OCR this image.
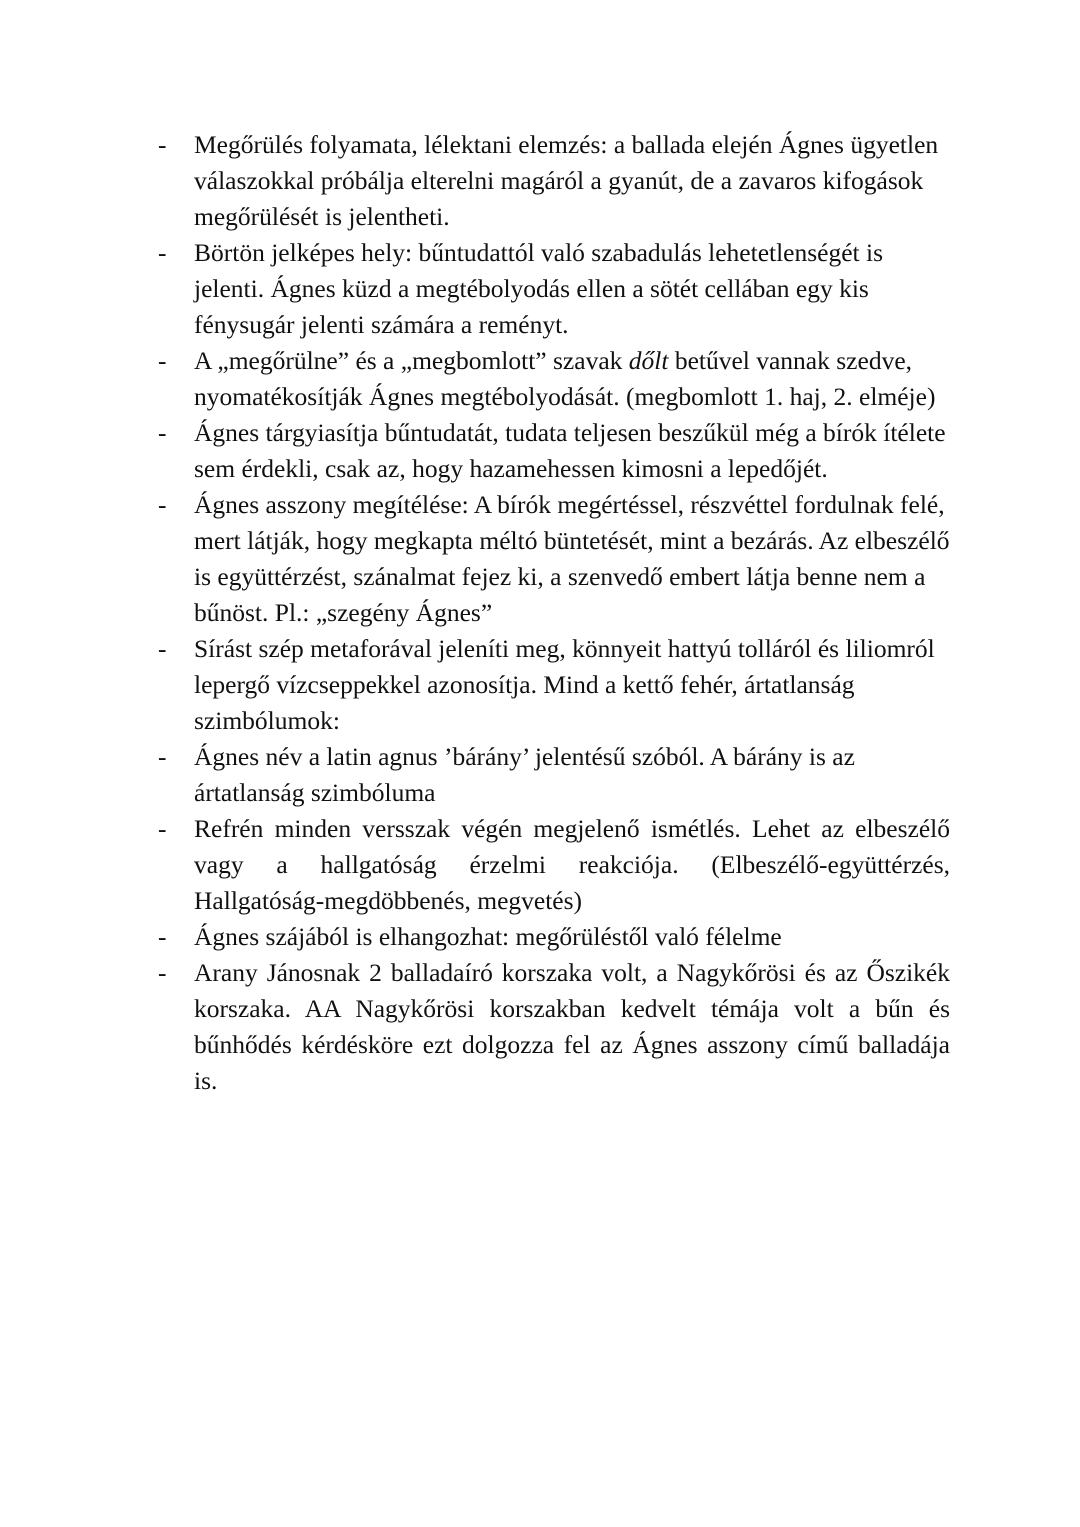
-	Megőrülés folyamata, lélektani elemzés: a ballada elején Ágnes ügyetlen válaszokkal próbálja elterelni magáról a gyanút, de a zavaros kifogások megőrülését is jelentheti.
-	Börtön jelképes hely: bűntudattól való szabadulás lehetetlenségét is jelenti. Ágnes küzd a megtébolyodás ellen a sötét cellában egy kis fénysugár jelenti számára a reményt.
-	A „megőrülne” és a „megbomlott” szavak dőlt betűvel vannak szedve, nyomatékosítják Ágnes megtébolyodását. (megbomlott 1. haj, 2. elméje)
-	Ágnes tárgyiasítja bűntudatát, tudata teljesen beszűkül még a bírók ítélete sem érdekli, csak az, hogy hazamehessen kimosni a lepedőjét.
-	Ágnes asszony megítélése: A bírók megértéssel, részvéttel fordulnak felé, mert látják, hogy megkapta méltó büntetését, mint a bezárás. Az elbeszélő is együttérzést, szánalmat fejez ki, a szenvedő embert látja benne nem a bűnöst. Pl.: „szegény Ágnes”
-	Sírást szép metaforával jeleníti meg, könnyeit hattyú tolláról és liliomról lepergő vízcseppekkel azonosítja. Mind a kettő fehér, ártatlanság szimbólumok:
-	Ágnes név a latin agnus ’bárány’ jelentésű szóból. A bárány is az ártatlanság szimbóluma
-	Refrén minden versszak végén megjelenő ismétlés. Lehet az elbeszélő vagy a hallgatóság érzelmi reakciója. (Elbeszélő-együttérzés, Hallgatóság-megdöbbenés, megvetés)
-	Ágnes szájából is elhangozhat: megőrüléstől való félelme
-	Arany Jánosnak 2 balladaíró korszaka volt, a Nagykőrösi és az Őszikék korszaka. AA Nagykőrösi korszakban kedvelt témája volt a bűn és bűnhődés kérdésköre ezt dolgozza fel az Ágnes asszony című balladája is.
